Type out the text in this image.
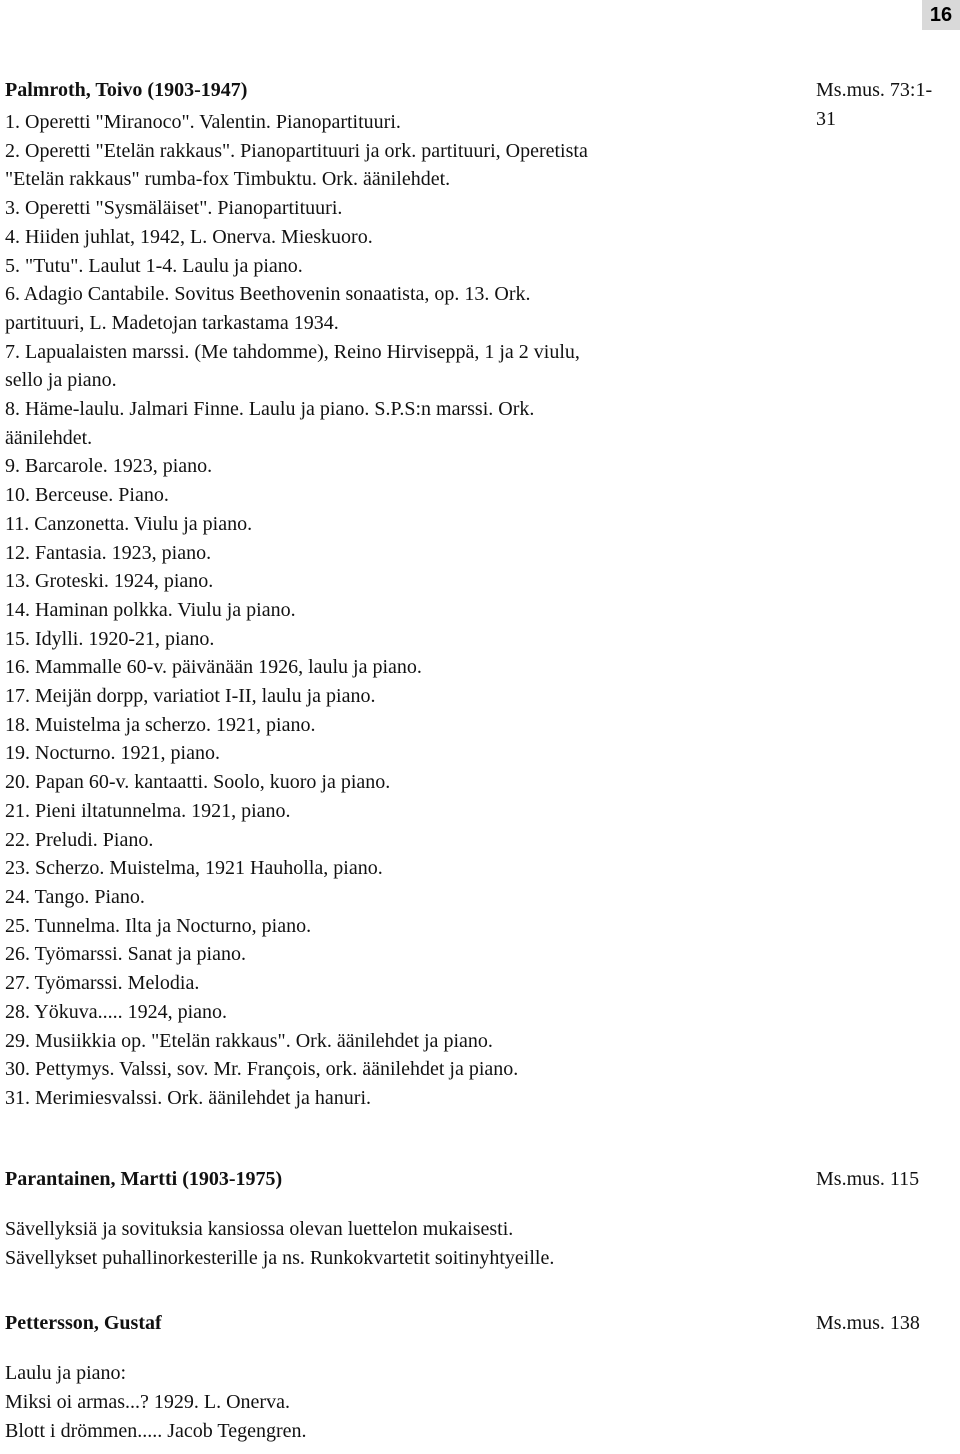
16
Palmroth, Toivo (1903-1947)	Ms.mus. 73:1-31
1. Operetti "Miranoco". Valentin. Pianopartituuri.
2. Operetti "Etelän rakkaus". Pianopartituuri ja ork. partituuri, Operetista
"Etelän rakkaus" rumba-fox Timbuktu. Ork. äänilehdet.
3. Operetti "Sysmäläiset". Pianopartituuri.
4. Hiiden juhlat, 1942, L. Onerva. Mieskuoro.
5. "Tutu". Laulut 1-4. Laulu ja piano.
6. Adagio Cantabile. Sovitus Beethovenin sonaatista, op. 13. Ork.
partituuri, L. Madetojan tarkastama 1934.
7. Lapualaisten marssi. (Me tahdomme), Reino Hirviseppä, 1 ja 2 viulu,
sello ja piano.
8. Häme-laulu. Jalmari Finne. Laulu ja piano. S.P.S:n marssi. Ork.
äänilehdet.
9. Barcarole. 1923, piano.
10. Berceuse. Piano.
11. Canzonetta. Viulu ja piano.
12. Fantasia. 1923, piano.
13. Groteski. 1924, piano.
14. Haminan polkka. Viulu ja piano.
15. Idylli. 1920-21, piano.
16. Mammalle 60-v. päivänään 1926, laulu ja piano.
17. Meijän dorpp, variatiot I-II, laulu ja piano.
18. Muistelma ja scherzo. 1921, piano.
19. Nocturno. 1921, piano.
20. Papan 60-v. kantaatti. Soolo, kuoro ja piano.
21. Pieni iltatunnelma. 1921, piano.
22. Preludi. Piano.
23. Scherzo. Muistelma, 1921 Hauholla, piano.
24. Tango. Piano.
25. Tunnelma. Ilta ja Nocturno, piano.
26. Työmarssi. Sanat ja piano.
27. Työmarssi. Melodia.
28. Yökuva..... 1924, piano.
29. Musiikkia op. "Etelän rakkaus". Ork. äänilehdet ja piano.
30. Pettymys. Valssi, sov. Mr. François, ork. äänilehdet ja piano.
31. Merimiesvalssi. Ork. äänilehdet ja hanuri.
Parantainen, Martti (1903-1975)	Ms.mus. 115
Sävellyksiä ja sovituksia kansiossa olevan luettelon mukaisesti.
Sävellykset puhallinorkesterille ja ns. Runkokvartetit soitinyhtyeille.
Pettersson, Gustaf	Ms.mus. 138
Laulu ja piano:
Miksi oi armas...? 1929. L. Onerva.
Blott i drömmen..... Jacob Tegengren.
